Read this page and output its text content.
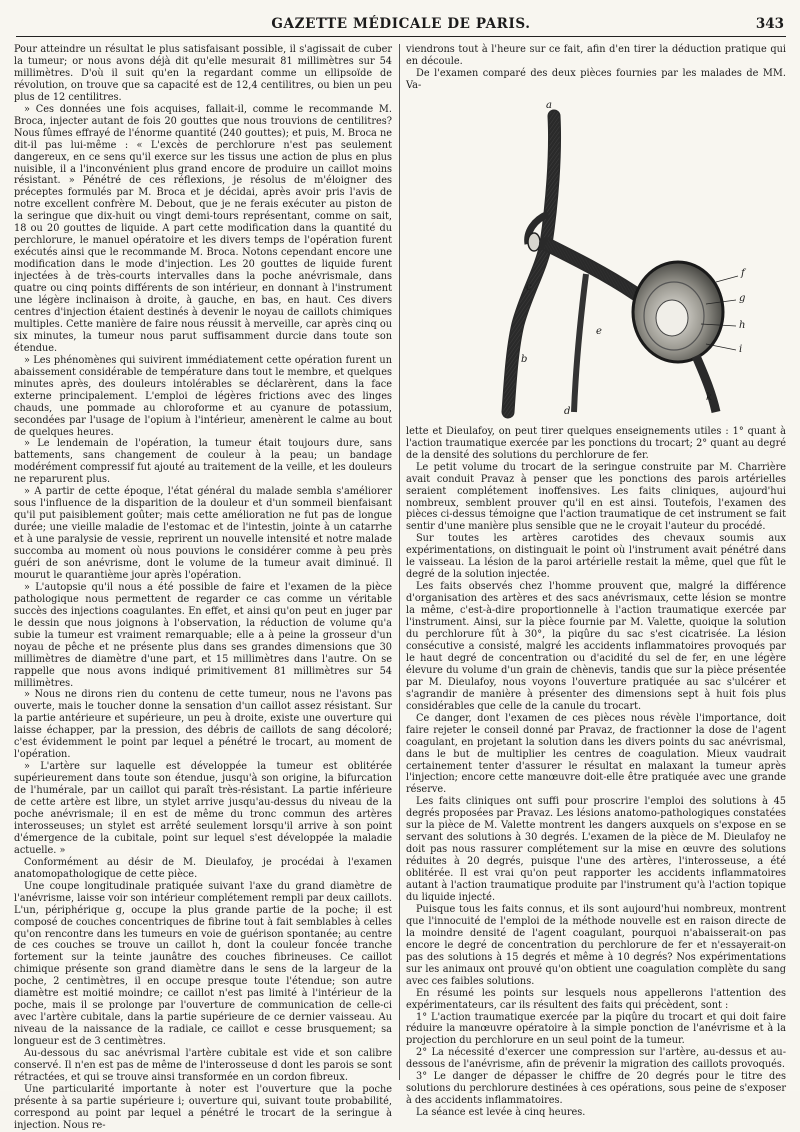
GAZETTE MÉDICALE DE PARIS.	343

Pour atteindre un résultat le plus satisfaisant possible, il s'agissait de cuber la tumeur; or nous avons déjà dit qu'elle mesurait 81 millimètres sur 54 millimètres. D'où il suit qu'en la regardant comme un ellipsoïde de révolution, on trouve que sa capacité est de 12,4 centilitres, ou bien un peu plus de 12 centilitres.

» Ces données une fois acquises, fallait-il, comme le recommande M. Broca, injecter autant de fois 20 gouttes que nous trouvions de centilitres? Nous fûmes effrayé de l'énorme quantité (240 gouttes); et puis, M. Broca ne dit-il pas lui-même : « L'excès de perchlorure n'est pas seulement dangereux, en ce sens qu'il exerce sur les tissus une action de plus en plus nuisible, il a l'inconvénient plus grand encore de produire un caillot moins résistant. » Pénétré de ces réflexions, je résolus de m'éloigner des préceptes formulés par M. Broca et je décidai, après avoir pris l'avis de notre excellent confrère M. Debout, que je ne ferais exécuter au piston de la seringue que dix-huit ou vingt demi-tours représentant, comme on sait, 18 ou 20 gouttes de liquide. A part cette modification dans la quantité du perchlorure, le manuel opératoire et les divers temps de l'opération furent exécutés ainsi que le recommande M. Broca. Notons cependant encore une modification dans le mode d'injection. Les 20 gouttes de liquide furent injectées à de très-courts intervalles dans la poche anévrismale, dans quatre ou cinq points différents de son intérieur, en donnant à l'instrument une légère inclinaison à droite, à gauche, en bas, en haut. Ces divers centres d'injection étaient destinés à devenir le noyau de caillots chimiques multiples. Cette manière de faire nous réussit à merveille, car après cinq ou six minutes, la tumeur nous parut suffisamment durcie dans toute son étendue.

» Les phénomènes qui suivirent immédiatement cette opération furent un abaissement considérable de température dans tout le membre, et quelques minutes après, des douleurs intolérables se déclarèrent, dans la face externe principalement. L'emploi de légères frictions avec des linges chauds, une pommade au chloroforme et au cyanure de potassium, secondées par l'usage de l'opium à l'intérieur, amenèrent le calme au bout de quelques heures.

» Le lendemain de l'opération, la tumeur était toujours dure, sans battements, sans changement de couleur à la peau; un bandage modérément compressif fut ajouté au traitement de la veille, et les douleurs ne reparurent plus.

» A partir de cette époque, l'état général du malade sembla s'améliorer sous l'influence de la disparition de la douleur et d'un sommeil bienfaisant qu'il put paisiblement goûter; mais cette amélioration ne fut pas de longue durée; une vieille maladie de l'estomac et de l'intestin, jointe à un catarrhe et à une paralysie de vessie, reprirent un nouvelle intensité et notre malade succomba au moment où nous pouvions le considérer comme à peu près guéri de son anévrisme, dont le volume de la tumeur avait diminué. Il mourut le quarantième jour après l'opération.

» L'autopsie qu'il nous a été possible de faire et l'examen de la pièce pathologique nous permettent de regarder ce cas comme un véritable succès des injections coagulantes. En effet, et ainsi qu'on peut en juger par le dessin que nous joignons à l'observation, la réduction de volume qu'a subie la tumeur est vraiment remarquable; elle a à peine la grosseur d'un noyau de pêche et ne présente plus dans ses grandes dimensions que 30 millimètres de diamètre d'une part, et 15 millimètres dans l'autre. On se rappelle que nous avons indiqué primitivement 81 millimètres sur 54 millimètres.

» Nous ne dirons rien du contenu de cette tumeur, nous ne l'avons pas ouverte, mais le toucher donne la sensation d'un caillot assez résistant. Sur la partie antérieure et supérieure, un peu à droite, existe une ouverture qui laisse échapper, par la pression, des débris de caillots de sang décoloré; c'est évidemment le point par lequel a pénétré le trocart, au moment de l'opération.

» L'artère sur laquelle est développée la tumeur est oblitérée supérieurement dans toute son étendue, jusqu'à son origine, la bifurcation de l'humérale, par un caillot qui paraît très-résistant. La partie inférieure de cette artère est libre, un stylet arrive jusqu'au-dessus du niveau de la poche anévrismale; il en est de même du tronc commun des artères interosseuses; un stylet est arrêté seulement lorsqu'il arrive à son point d'émergence de la cubitale, point sur lequel s'est développée la maladie actuelle. »

Conformément au désir de M. Dieulafoy, je procédai à l'examen anatomopathologique de cette pièce.

Une coupe longitudinale pratiquée suivant l'axe du grand diamètre de l'anévrisme, laisse voir son intérieur complétement rempli par deux caillots. L'un, périphérique g, occupe la plus grande partie de la poche; il est composé de couches concentriques de fibrine tout à fait semblables à celles qu'on rencontre dans les tumeurs en voie de guérison spontanée; au centre de ces couches se trouve un caillot h, dont la couleur foncée tranche fortement sur la teinte jaunâtre des couches fibrineuses. Ce caillot chimique présente son grand diamètre dans le sens de la largeur de la poche, 2 centimètres, il en occupe presque toute l'étendue; son autre diamètre est moitié moindre; ce caillot n'est pas limité à l'intérieur de la poche, mais il se prolonge par l'ouverture de communication de celle-ci avec l'artère cubitale, dans la partie supérieure de ce dernier vaisseau. Au niveau de la naissance de la radiale, ce caillot e cesse brusquement; sa longueur est de 3 centimètres.

Au-dessous du sac anévrismal l'artère cubitale est vide et son calibre conservé. Il n'en est pas de même de l'interosseuse d dont les parois se sont rétractées, et qui se trouve ainsi transformée en un cordon fibreux.

Une particularité importante à noter est l'ouverture que la poche présente à sa partie supérieure i; ouverture qui, suivant toute probabilité, correspond au point par lequel a pénétré le trocart de la seringue à injection. Nous re-

viendrons tout à l'heure sur ce fait, afin d'en tirer la déduction pratique qui en découle.

De l'examen comparé des deux pièces fournies par les malades de MM. Va-

a
b
c
d
e
f
g
h
i
k
l

lette et Dieulafoy, on peut tirer quelques enseignements utiles : 1° quant à l'action traumatique exercée par les ponctions du trocart; 2° quant au degré de la densité des solutions du perchlorure de fer.

Le petit volume du trocart de la seringue construite par M. Charrière avait conduit Pravaz à penser que les ponctions des parois artérielles seraient complétement inoffensives. Les faits cliniques, aujourd'hui nombreux, semblent prouver qu'il en est ainsi. Toutefois, l'examen des pièces ci-dessus témoigne que l'action traumatique de cet instrument se fait sentir d'une manière plus sensible que ne le croyait l'auteur du procédé.

Sur toutes les artères carotides des chevaux soumis aux expérimentations, on distinguait le point où l'instrument avait pénétré dans le vaisseau. La lésion de la paroi artérielle restait la même, quel que fût le degré de la solution injectée.

Les faits observés chez l'homme prouvent que, malgré la différence d'organisation des artères et des sacs anévrismaux, cette lésion se montre la même, c'est-à-dire proportionnelle à l'action traumatique exercée par l'instrument. Ainsi, sur la pièce fournie par M. Valette, quoique la solution du perchlorure fût à 30°, la piqûre du sac s'est cicatrisée. La lésion consécutive a consisté, malgré les accidents inflammatoires provoqués par le haut degré de concentration ou d'acidité du sel de fer, en une légère élevure du volume d'un grain de chènevis, tandis que sur la pièce présentée par M. Dieulafoy, nous voyons l'ouverture pratiquée au sac s'ulcérer et s'agrandir de manière à présenter des dimensions sept à huit fois plus considérables que celle de la canule du trocart.

Ce danger, dont l'examen de ces pièces nous révèle l'importance, doit faire rejeter le conseil donné par Pravaz, de fractionner la dose de l'agent coagulant, en projetant la solution dans les divers points du sac anévrismal, dans le but de multiplier les centres de coagulation. Mieux vaudrait certainement tenter d'assurer le résultat en malaxant la tumeur après l'injection; encore cette manœuvre doit-elle être pratiquée avec une grande réserve.

Les faits cliniques ont suffi pour proscrire l'emploi des solutions à 45 degrés proposées par Pravaz. Les lésions anatomo-pathologiques constatées sur la pièce de M. Valette montrent les dangers auxquels on s'expose en se servant des solutions à 30 degrés. L'examen de la pièce de M. Dieulafoy ne doit pas nous rassurer complétement sur la mise en œuvre des solutions réduites à 20 degrés, puisque l'une des artères, l'interosseuse, a été oblitérée. Il est vrai qu'on peut rapporter les accidents inflammatoires autant à l'action traumatique produite par l'instrument qu'à l'action topique du liquide injecté.

Puisque tous les faits connus, et ils sont aujourd'hui nombreux, montrent que l'innocuité de l'emploi de la méthode nouvelle est en raison directe de la moindre densité de l'agent coagulant, pourquoi n'abaisserait-on pas encore le degré de concentration du perchlorure de fer et n'essayerait-on pas des solutions à 15 degrés et même à 10 degrés? Nos expérimentations sur les animaux ont prouvé qu'on obtient une coagulation complète du sang avec ces faibles solutions.

En résumé les points sur lesquels nous appellerons l'attention des expérimentateurs, car ils résultent des faits qui précèdent, sont :

1° L'action traumatique exercée par la piqûre du trocart et qui doit faire réduire la manœuvre opératoire à la simple ponction de l'anévrisme et à la projection du perchlorure en un seul point de la tumeur.

2° La nécessité d'exercer une compression sur l'artère, au-dessus et au-dessous de l'anévrisme, afin de prévenir la migration des caillots provoqués.

3° Le danger de dépasser le chiffre de 20 degrés pour le titre des solutions du perchlorure destinées à ces opérations, sous peine de s'exposer à des accidents inflammatoires.

La séance est levée à cinq heures.
